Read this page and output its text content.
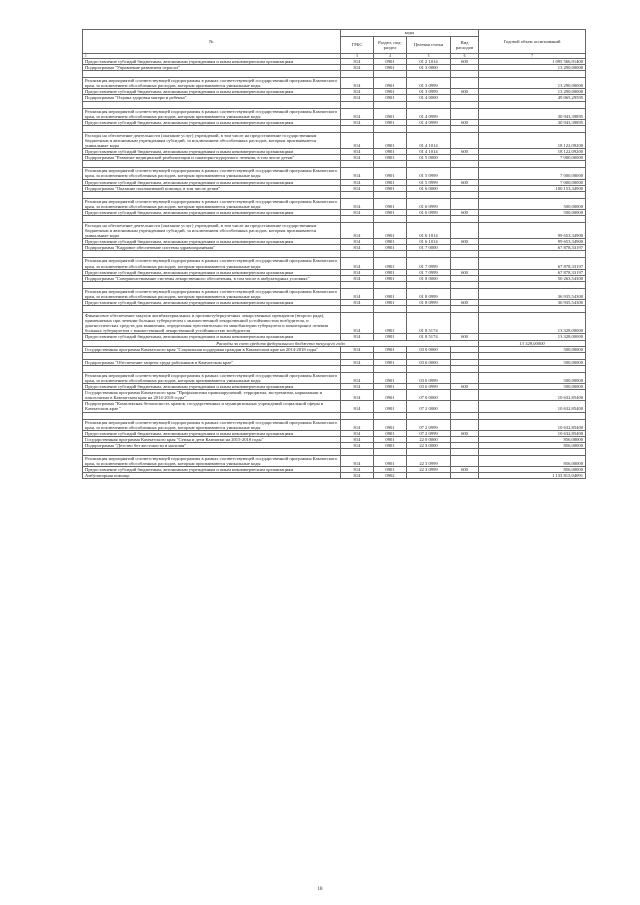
№	коды				Годовой объем ассигнований
	ГРБС	Раздел, под- раздел	Целевая статья	Вид расходов	
1	3	4	5	6	7
Предоставление субсидий бюджетным, автономным учреждениям и иным некоммерческим организациям	814	0901	01 2 1014	600	1 095 566,91400
Подпрограмма "Управление развитием отрасли"	814	0901	01 3 0000		13 290,00000

Реализация мероприятий соответствующей подпрограммы в рамках соответствующей государственной программы Камчатского края, за исключением обособленных расходов, которым присваиваются уникальные коды	814	0901	01 3 0999		13 290,00000
Предоставление субсидий бюджетным, автономным учреждениям и иным некоммерческим организациям	814	0901	01 3 0999	600	13 290,00000
Подпрограмма "Охрана здоровья матери и ребенка"	814	0901	01 4 0000		49 065,29595

Реализация мероприятий соответствующей подпрограммы в рамках соответствующей государственной программы Камчатского края, за исключением обособленных расходов, которым присваиваются уникальные коды	814	0901	01 4 0999		30 943,39895
Предоставление субсидий бюджетным, автономным учреждениям и иным некоммерческим организациям	814	0901	01 4 0999	600	30 943,39895

Расходы на обеспечение деятельности (оказание услуг) учреждений, в том числе на предоставление государственным бюджетным и автономным учреждениям субсидий, за исключением обособленных расходов, которым присваиваются уникальные коды	814	0901	01 4 1014		18 122,09200
Предоставление субсидий бюджетным, автономным учреждениям и иным некоммерческим организациям	814	0901	01 4 1014	600	18 122,09200
Подпрограмма "Развитие медицинской реабилитации и санаторно-курортного лечения, в том числе детям"	814	0901	01 5 0000		7 000,00000

Реализация мероприятий соответствующей подпрограммы в рамках соответствующей государственной программы Камчатского края, за исключением обособленных расходов, которым присваиваются уникальные коды	814	0901	01 5 0999		7 000,00000
Предоставление субсидий бюджетным, автономным учреждениям и иным некоммерческим организациям	814	0901	01 5 0999	600	7 000,00000
Подпрограмма "Оказание паллиативной помощи, в том числе детям"	814	0901	01 6 0000		100 153,34900

Реализация мероприятий соответствующей подпрограммы в рамках соответствующей государственной программы Камчатского края, за исключением обособленных расходов, которым присваиваются уникальные коды	814	0901	01 6 0999		500,00000
Предоставление субсидий бюджетным, автономным учреждениям и иным некоммерческим организациям	814	0901	01 6 0999	600	500,00000

Расходы на обеспечение деятельности (оказание услуг) учреждений, в том числе на предоставление государственным бюджетным и автономным учреждениям субсидий, за исключением обособленных расходов, которым присваиваются уникальные коды	814	0901	01 6 1014		99 653,34900
Предоставление субсидий бюджетным, автономным учреждениям и иным некоммерческим организациям	814	0901	01 6 1014	600	99 653,34900
Подпрограмма "Кадровое обеспечение системы здравоохранения"	814	0901	01 7 0000		67 878,33197

Реализация мероприятий соответствующей подпрограммы в рамках соответствующей государственной программы Камчатского края, за исключением обособленных расходов, которым присваиваются уникальные коды	814	0901	01 7 0999		67 878,33197
Предоставление субсидий бюджетным, автономным учреждениям и иным некоммерческим организациям	814	0901	01 7 0999	600	67 878,33197
Подпрограмма "Совершенствование системы лекарственного обеспечения, в том числе в амбулаторных условиях"	814	0901	01 8 0000		50 263,54300

Реализация мероприятий соответствующей подпрограммы в рамках соответствующей государственной программы Камчатского края, за исключением обособленных расходов, которым присваиваются уникальные коды	814	0901	01 8 0999		36 935,54300
Предоставление субсидий бюджетным, автономным учреждениям и иным некоммерческим организациям	814	0901	01 8 0999	600	36 935,54300

Финансовое обеспечение закупок антибактериальных и противотуберкулезных лекарственных препаратов (второго ряда), применяемых при лечении больных туберкулезом с множественной лекарственной устойчивостью возбудителя, и диагностических средств для выявления, определения чувствительности микобактерии туберкулеза и мониторинга лечения больных туберкулезом с множественной лекарственной устойчивостью возбудителя	814	0901	01 8 5174		13 328,00000
Предоставление субсидий бюджетным, автономным учреждениям и иным некоммерческим организациям	814	0901	01 8 5174	600	13 328,00000
Расходы за счет средств федерального бюджета текущего года					13 328,00000
Государственная программа Камчатского края "Социальная поддержка граждан в Камчатском крае на 2014-2018 годы"	814	0901	03 0 0000		500,00000

Подпрограмма "Обеспечение защиты труда работников в Камчатском крае"	814	0901	03 6 0000		500,00000

Реализация мероприятий соответствующей подпрограммы в рамках соответствующей государственной программы Камчатского края, за исключением обособленных расходов, которым присваиваются уникальные коды	814	0901	03 6 0999		500,00000
Предоставление субсидий бюджетным, автономным учреждениям и иным некоммерческим организациям	814	0901	03 6 0999	600	500,00000
Государственная программа Камчатского края "Профилактика правонарушений, терроризма, экстремизма, наркомании и алкоголизма в Камчатском крае на 2014-2018 годы"	814	0901	07 0 0000		10 632,85400
Подпрограмма "Комплексная безопасность храмов, государственных и муниципальных учреждений социальной сферы в Камчатском крае "	814	0901	07 2 0000		10 632,85400

Реализация мероприятий соответствующей подпрограммы в рамках соответствующей государственной программы Камчатского края, за исключением обособленных расходов, которым присваиваются уникальные коды	814	0901	07 2 0999		10 632,85400
Предоставление субсидий бюджетным, автономным учреждениям и иным некоммерческим организациям	814	0901	07 2 0999	600	10 632,85400
Государственная программа Камчатского края "Семья и дети Камчатки на 2015-2018 годы"	814	0901	22 0 0000		856,00000
Подпрограмма "Детство без жестокости и насилия"	814	0901	22 3 0000		856,00000

Реализация мероприятий соответствующей подпрограммы в рамках соответствующей государственной программы Камчатского края, за исключением обособленных расходов, которым присваиваются уникальные коды	814	0901	22 3 0999		856,00000
Предоставление субсидий бюджетным, автономным учреждениям и иным некоммерческим организациям	814	0901	22 3 0999	600	856,00000
Амбулаторная помощь	814	0902			1 133 815,04091
18
